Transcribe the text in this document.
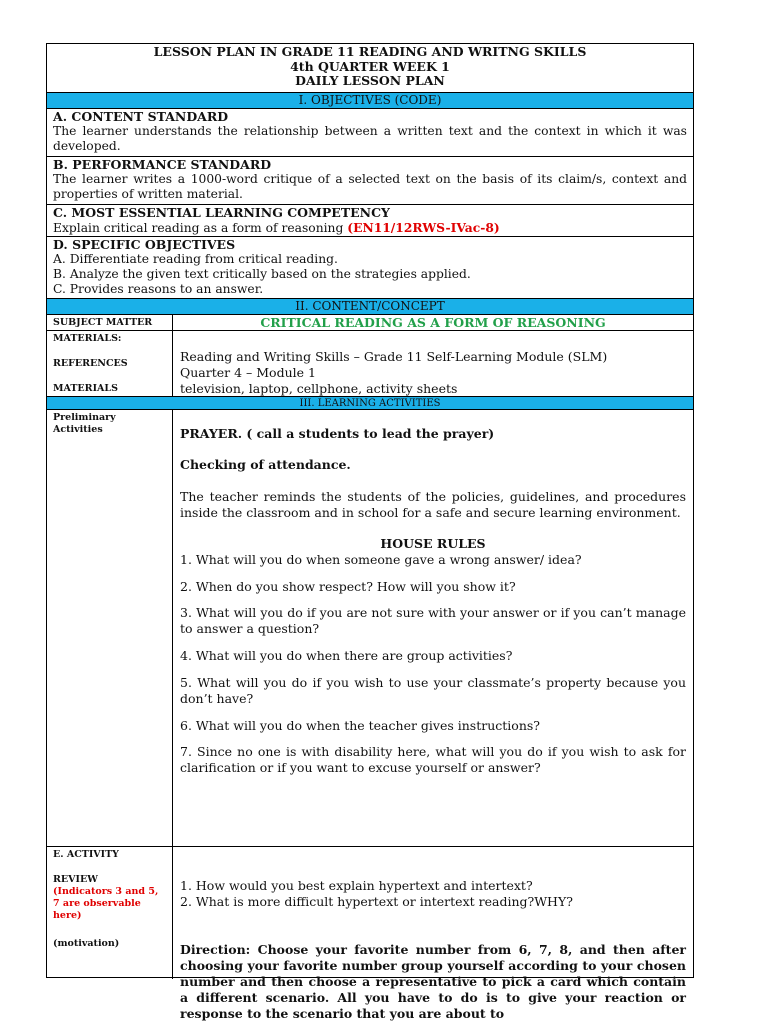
LESSON PLAN IN GRADE 11 READING AND WRITNG SKILLS
4th QUARTER WEEK 1
DAILY LESSON PLAN
I. OBJECTIVES (CODE)
A. CONTENT STANDARD
The learner understands the relationship between a written text and the context in which it was developed.
B. PERFORMANCE STANDARD
The learner writes a 1000-word critique of a selected text on the basis of its claim/s, context and properties of written material.
C. MOST ESSENTIAL LEARNING COMPETENCY
Explain critical reading as a form of reasoning (EN11/12RWS-IVac-8)
D. SPECIFIC OBJECTIVES
A. Differentiate reading from critical reading.
B. Analyze the given text critically based on the strategies applied.
C. Provides reasons to an answer.
II. CONTENT/CONCEPT
SUBJECT MATTER	CRITICAL READING AS A FORM OF REASONING
MATERIALS:
REFERENCES
MATERIALS
Reading and Writing Skills – Grade 11 Self-Learning Module (SLM)
Quarter 4 – Module 1
television, laptop, cellphone, activity sheets
III. LEARNING ACTIVITIES
Preliminary Activities	PRAYER. ( call a students to lead the prayer)
Checking of attendance.
The teacher reminds the students of the policies, guidelines, and procedures inside the classroom and in school for a safe and secure learning environment.
HOUSE RULES
1. What will you do when someone gave a wrong answer/ idea?
2. When do you show respect? How will you show it?
3. What will you do if you are not sure with your answer or if you can’t manage to answer a question?
4. What will you do when there are group activities?
5. What will you do if you wish to use your classmate’s property because you don’t have?
6. What will you do when the teacher gives instructions?
7. Since no one is with disability here, what will you do if you wish to ask for clarification or if you want to excuse yourself or answer?
E. ACTIVITY
REVIEW
(Indicators 3 and 5, 7 are observable here)
(motivation)
1. How would you best explain hypertext and intertext?
2. What is more difficult hypertext or intertext reading?WHY?
Direction: Choose your favorite number from 6, 7, 8, and then after choosing your favorite number group yourself according to your chosen number and then choose a representative to pick a card which contain a different scenario. All you have to do is to give your reaction or response to the scenario that you are about to
